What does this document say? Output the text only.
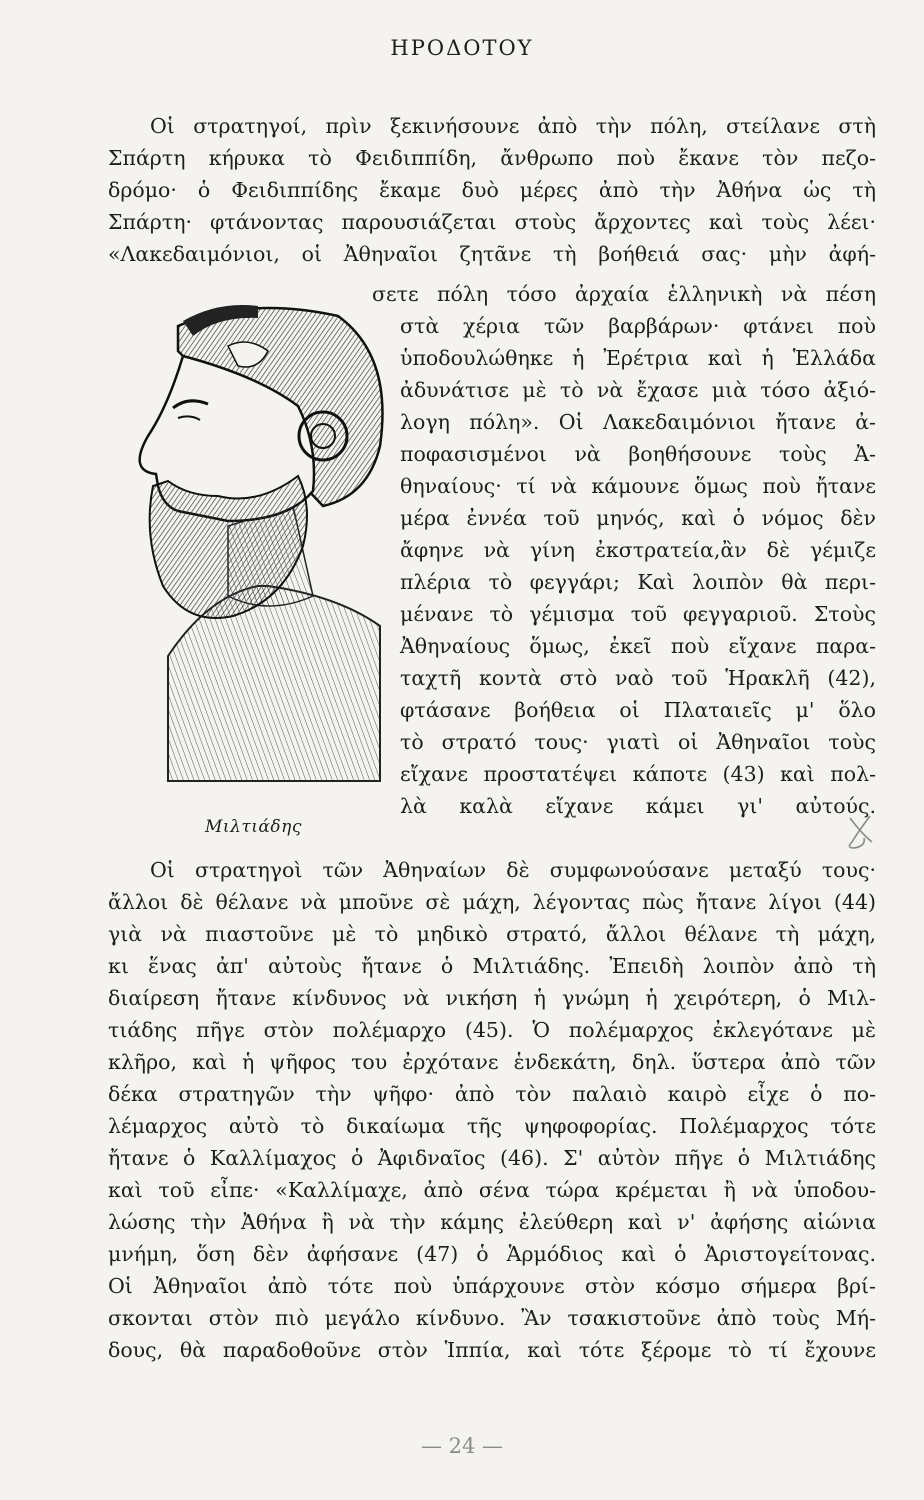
ΗΡΟΔΟΤΟΥ
Οἱ στρατηγοί, πρὶν ξεκινήσουνε ἀπὸ τὴν πόλη, στείλανε στὴ
Σπάρτη κήρυκα τὸ Φειδιππίδη, ἄνθρωπο ποὺ ἔκανε τὸν πεζο-
δρόμο· ὁ Φειδιππίδης ἔκαμε δυὸ μέρες ἀπὸ τὴν Ἀθήνα ὡς τὴ
Σπάρτη· φτάνοντας παρουσιάζεται στοὺς ἄρχοντες καὶ τοὺς λέει·
«Λακεδαιμόνιοι, οἱ Ἀθηναῖοι ζητᾶνε τὴ βοήθειά σας· μὴν ἀφή-
σετε πόλη τόσο ἀρχαία ἑλληνικὴ νὰ πέση
στὰ χέρια τῶν βαρβάρων· φτάνει ποὺ
ὑποδουλώθηκε ἡ Ἐρέτρια καὶ ἡ Ἑλλάδα
ἀδυνάτισε μὲ τὸ νὰ ἔχασε μιὰ τόσο ἀξιό-
λογη πόλη». Οἱ Λακεδαιμόνιοι ἤτανε ἀ-
ποφασισμένοι νὰ βοηθήσουνε τοὺς Ἀ-
θηναίους· τί νὰ κάμουνε ὅμως ποὺ ἤτανε
μέρα ἐννέα τοῦ μηνός, καὶ ὁ νόμος δὲν
ἄφηνε νὰ γίνη ἐκστρατεία,ἂν δὲ γέμιζε
πλέρια τὸ φεγγάρι; Καὶ λοιπὸν θὰ περι-
μένανε τὸ γέμισμα τοῦ φεγγαριοῦ. Στοὺς
Ἀθηναίους ὅμως, ἐκεῖ ποὺ εἴχανε παρα-
ταχτῆ κοντὰ στὸ ναὸ τοῦ Ἡρακλῆ (42),
φτάσανε βοήθεια οἱ Πλαταιεῖς μ' ὅλο
τὸ στρατό τους· γιατὶ οἱ Ἀθηναῖοι τοὺς
εἴχανε προστατέψει κάποτε (43) καὶ πολ-
λὰ καλὰ εἴχανε κάμει γι' αὐτούς.
Μιλτιάδης
Οἱ στρατηγοὶ τῶν Ἀθηναίων δὲ συμφωνούσανε μεταξύ τους·
ἄλλοι δὲ θέλανε νὰ μποῦνε σὲ μάχη, λέγοντας πὼς ἤτανε λίγοι (44)
γιὰ νὰ πιαστοῦνε μὲ τὸ μηδικὸ στρατό, ἄλλοι θέλανε τὴ μάχη,
κι ἕνας ἀπ' αὐτοὺς ἤτανε ὁ Μιλτιάδης. Ἐπειδὴ λοιπὸν ἀπὸ τὴ
διαίρεση ἤτανε κίνδυνος νὰ νικήση ἡ γνώμη ἡ χειρότερη, ὁ Μιλ-
τιάδης πῆγε στὸν πολέμαρχο (45). Ὁ πολέμαρχος ἐκλεγότανε μὲ
κλῆρο, καὶ ἡ ψῆφος του ἐρχότανε ἑνδεκάτη, δηλ. ὕστερα ἀπὸ τῶν
δέκα στρατηγῶν τὴν ψῆφο· ἀπὸ τὸν παλαιὸ καιρὸ εἶχε ὁ πο-
λέμαρχος αὐτὸ τὸ δικαίωμα τῆς ψηφοφορίας. Πολέμαρχος τότε
ἤτανε ὁ Καλλίμαχος ὁ Ἀφιδναῖος (46). Σ' αὐτὸν πῆγε ὁ Μιλτιάδης
καὶ τοῦ εἶπε· «Καλλίμαχε, ἀπὸ σένα τώρα κρέμεται ἢ νὰ ὑποδου-
λώσης τὴν Ἀθήνα ἢ νὰ τὴν κάμης ἐλεύθερη καὶ ν' ἀφήσης αἰώνια
μνήμη, ὅση δὲν ἀφήσανε (47) ὁ Ἁρμόδιος καὶ ὁ Ἀριστογείτονας.
Οἱ Ἀθηναῖοι ἀπὸ τότε ποὺ ὑπάρχουνε στὸν κόσμο σήμερα βρί-
σκονται στὸν πιὸ μεγάλο κίνδυνο. Ἂν τσακιστοῦνε ἀπὸ τοὺς Μή-
δους, θὰ παραδοθοῦνε στὸν Ἱππία, καὶ τότε ξέρομε τὸ τί ἔχουνε
— 24 —
